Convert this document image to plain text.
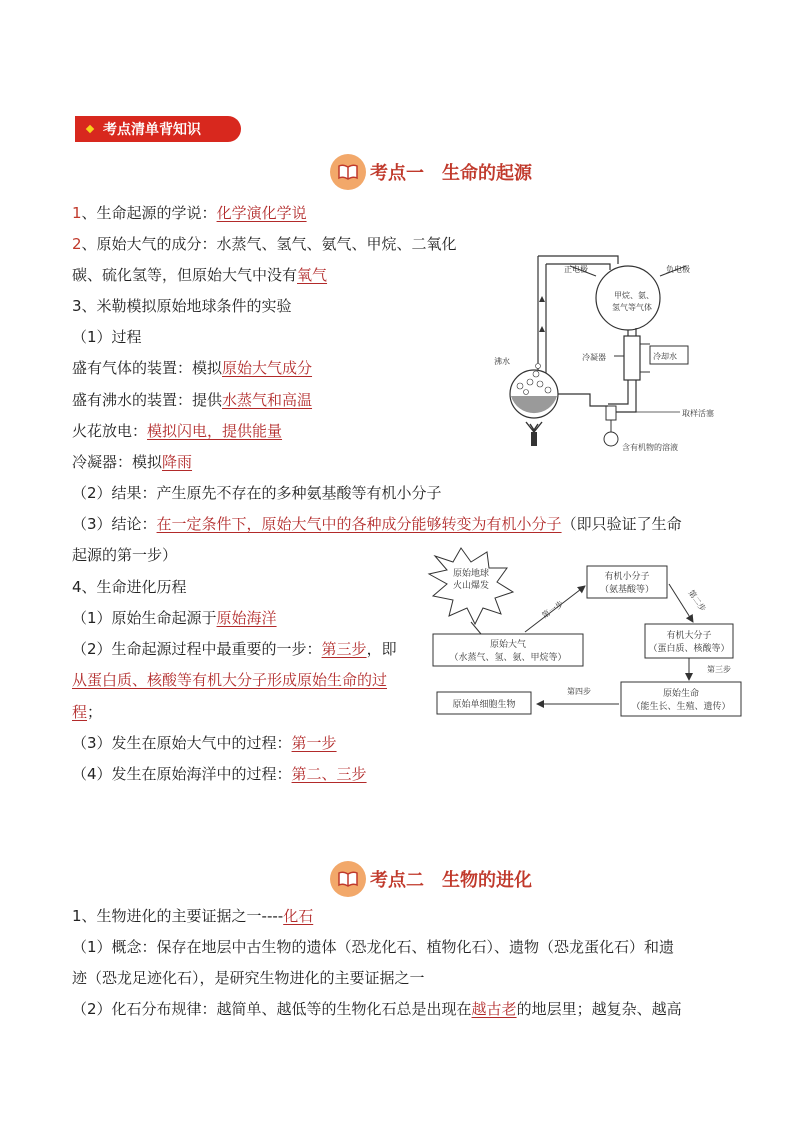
考点清单背知识
考点一 生命的起源
1、生命起源的学说：化学演化学说
2、原始大气的成分：水蒸气、氢气、氨气、甲烷、二氧化
碳、硫化氢等，但原始大气中没有氧气
3、米勒模拟原始地球条件的实验
（1）过程
盛有气体的装置：模拟原始大气成分
盛有沸水的装置：提供水蒸气和高温
火花放电：模拟闪电，提供能量
冷凝器：模拟降雨
（2）结果：产生原先不存在的多种氨基酸等有机小分子
（3）结论：在一定条件下，原始大气中的各种成分能够转变为有机小分子（即只验证了生命
起源的第一步）
4、生命进化历程
（1）原始生命起源于原始海洋
（2）生命起源过程中最重要的一步：第三步，即
从蛋白质、核酸等有机大分子形成原始生命的过
程；
（3）发生在原始大气中的过程：第一步
（4）发生在原始海洋中的过程：第二、三步
正电极	负电极
甲烷、氨、
氢气等气体
冷却水
冷凝器
取样活塞
含有机物的溶液
沸水
原始地球
火山爆发
原始大气
（水蒸气、氢、氨、甲烷等）
有机小分子
（氨基酸等）
有机大分子
（蛋白质、核酸等）
原始生命
（能生长、生殖、遗传）
原始单细胞生物
第一步	第二步
第三步
第四步
考点二 生物的进化
1、生物进化的主要证据之一----化石
（1）概念：保存在地层中古生物的遗体（恐龙化石、植物化石）、遗物（恐龙蛋化石）和遗
迹（恐龙足迹化石），是研究生物进化的主要证据之一
（2）化石分布规律：越简单、越低等的生物化石总是出现在越古老的地层里；越复杂、越高
